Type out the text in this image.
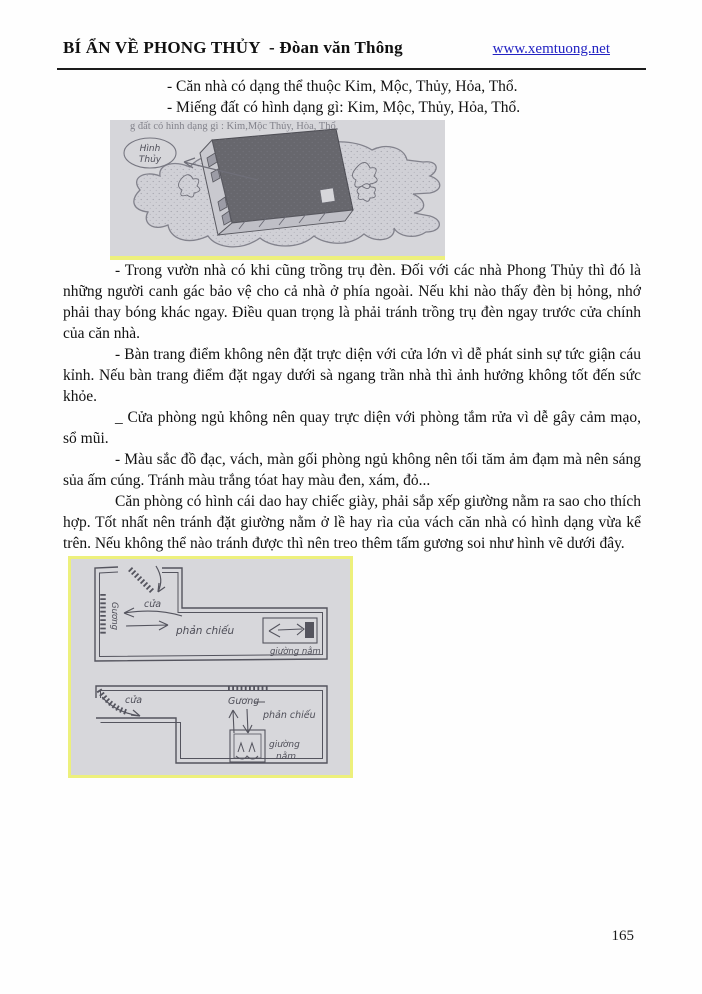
BÍ ẨN VỀ PHONG THỦY  - Đòan văn Thông	www.xemtuong.net

- Căn nhà có dạng thể thuộc Kim, Mộc, Thủy, Hỏa, Thổ.

- Miếng đất có hình dạng gì: Kim, Mộc, Thủy, Hỏa, Thổ.

g đất có hình dạng gì : Kim,Mộc Thủy, Hòa, Thổ,
Hình
Thủy

- Trong vườn nhà có khi cũng trồng trụ đèn. Đối với các nhà Phong Thủy thì đó là những người canh gác bảo vệ cho cả nhà ở phía ngoài. Nếu khi nào thấy đèn bị hỏng, nhớ phải thay bóng khác ngay. Điều quan trọng là phải tránh trồng trụ đèn ngay trước cửa chính của căn nhà.

- Bàn trang điểm không nên đặt trực diện với cửa lớn vì dễ phát sinh sự tức giận cáu kỉnh. Nếu bàn trang điểm đặt ngay dưới sà ngang trần nhà thì ảnh hưởng không tốt đến sức khỏe.

_ Cửa phòng ngủ không nên quay trực diện với phòng tắm rửa vì dễ gây cảm mạo, sổ mũi.

- Màu sắc đồ đạc, vách, màn gối phòng ngủ không nên tối tăm ảm đạm mà nên sáng sủa ấm cúng. Tránh màu trắng tóat hay màu đen, xám, đỏ...

Căn phòng có hình cái dao hay chiếc giày, phải sắp xếp giường nằm ra sao cho thích hợp. Tốt nhất nên tránh đặt giường nằm ở lề hay rìa của vách căn nhà có hình dạng vừa kể trên. Nếu không thể nào tránh được thì nên treo thêm tấm gương soi như hình vẽ dưới đây.

cửa
Gương
phản chiếu
giường nằm
cửa	Gương
phản chiếu
giường
nằm
165
